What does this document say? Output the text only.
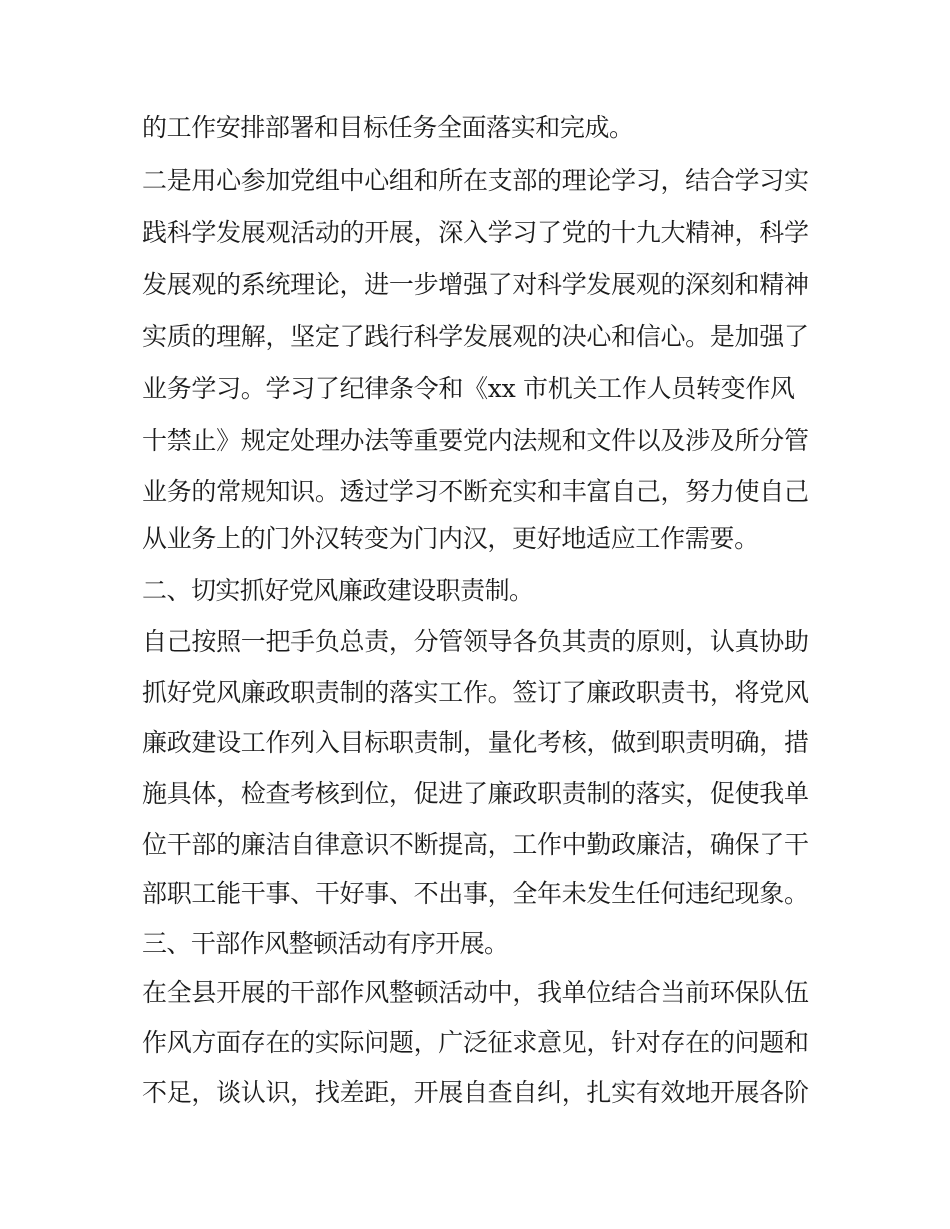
的工作安排部署和目标任务全面落实和完成。
二是用心参加党组中心组和所在支部的理论学习，结合学习实
践科学发展观活动的开展，深入学习了党的十九大精神，科学
发展观的系统理论，进一步增强了对科学发展观的深刻和精神
实质的理解，坚定了践行科学发展观的决心和信心。是加强了
业务学习。学习了纪律条令和《xx 市机关工作人员转变作风
十禁止》规定处理办法等重要党内法规和文件以及涉及所分管
业务的常规知识。透过学习不断充实和丰富自己，努力使自己
从业务上的门外汉转变为门内汉，更好地适应工作需要。
二、切实抓好党风廉政建设职责制。
自己按照一把手负总责，分管领导各负其责的原则，认真协助
抓好党风廉政职责制的落实工作。签订了廉政职责书，将党风
廉政建设工作列入目标职责制，量化考核，做到职责明确，措
施具体，检查考核到位，促进了廉政职责制的落实，促使我单
位干部的廉洁自律意识不断提高，工作中勤政廉洁，确保了干
部职工能干事、干好事、不出事，全年未发生任何违纪现象。
三、干部作风整顿活动有序开展。
在全县开展的干部作风整顿活动中，我单位结合当前环保队伍
作风方面存在的实际问题，广泛征求意见，针对存在的问题和
不足，谈认识，找差距，开展自查自纠，扎实有效地开展各阶
